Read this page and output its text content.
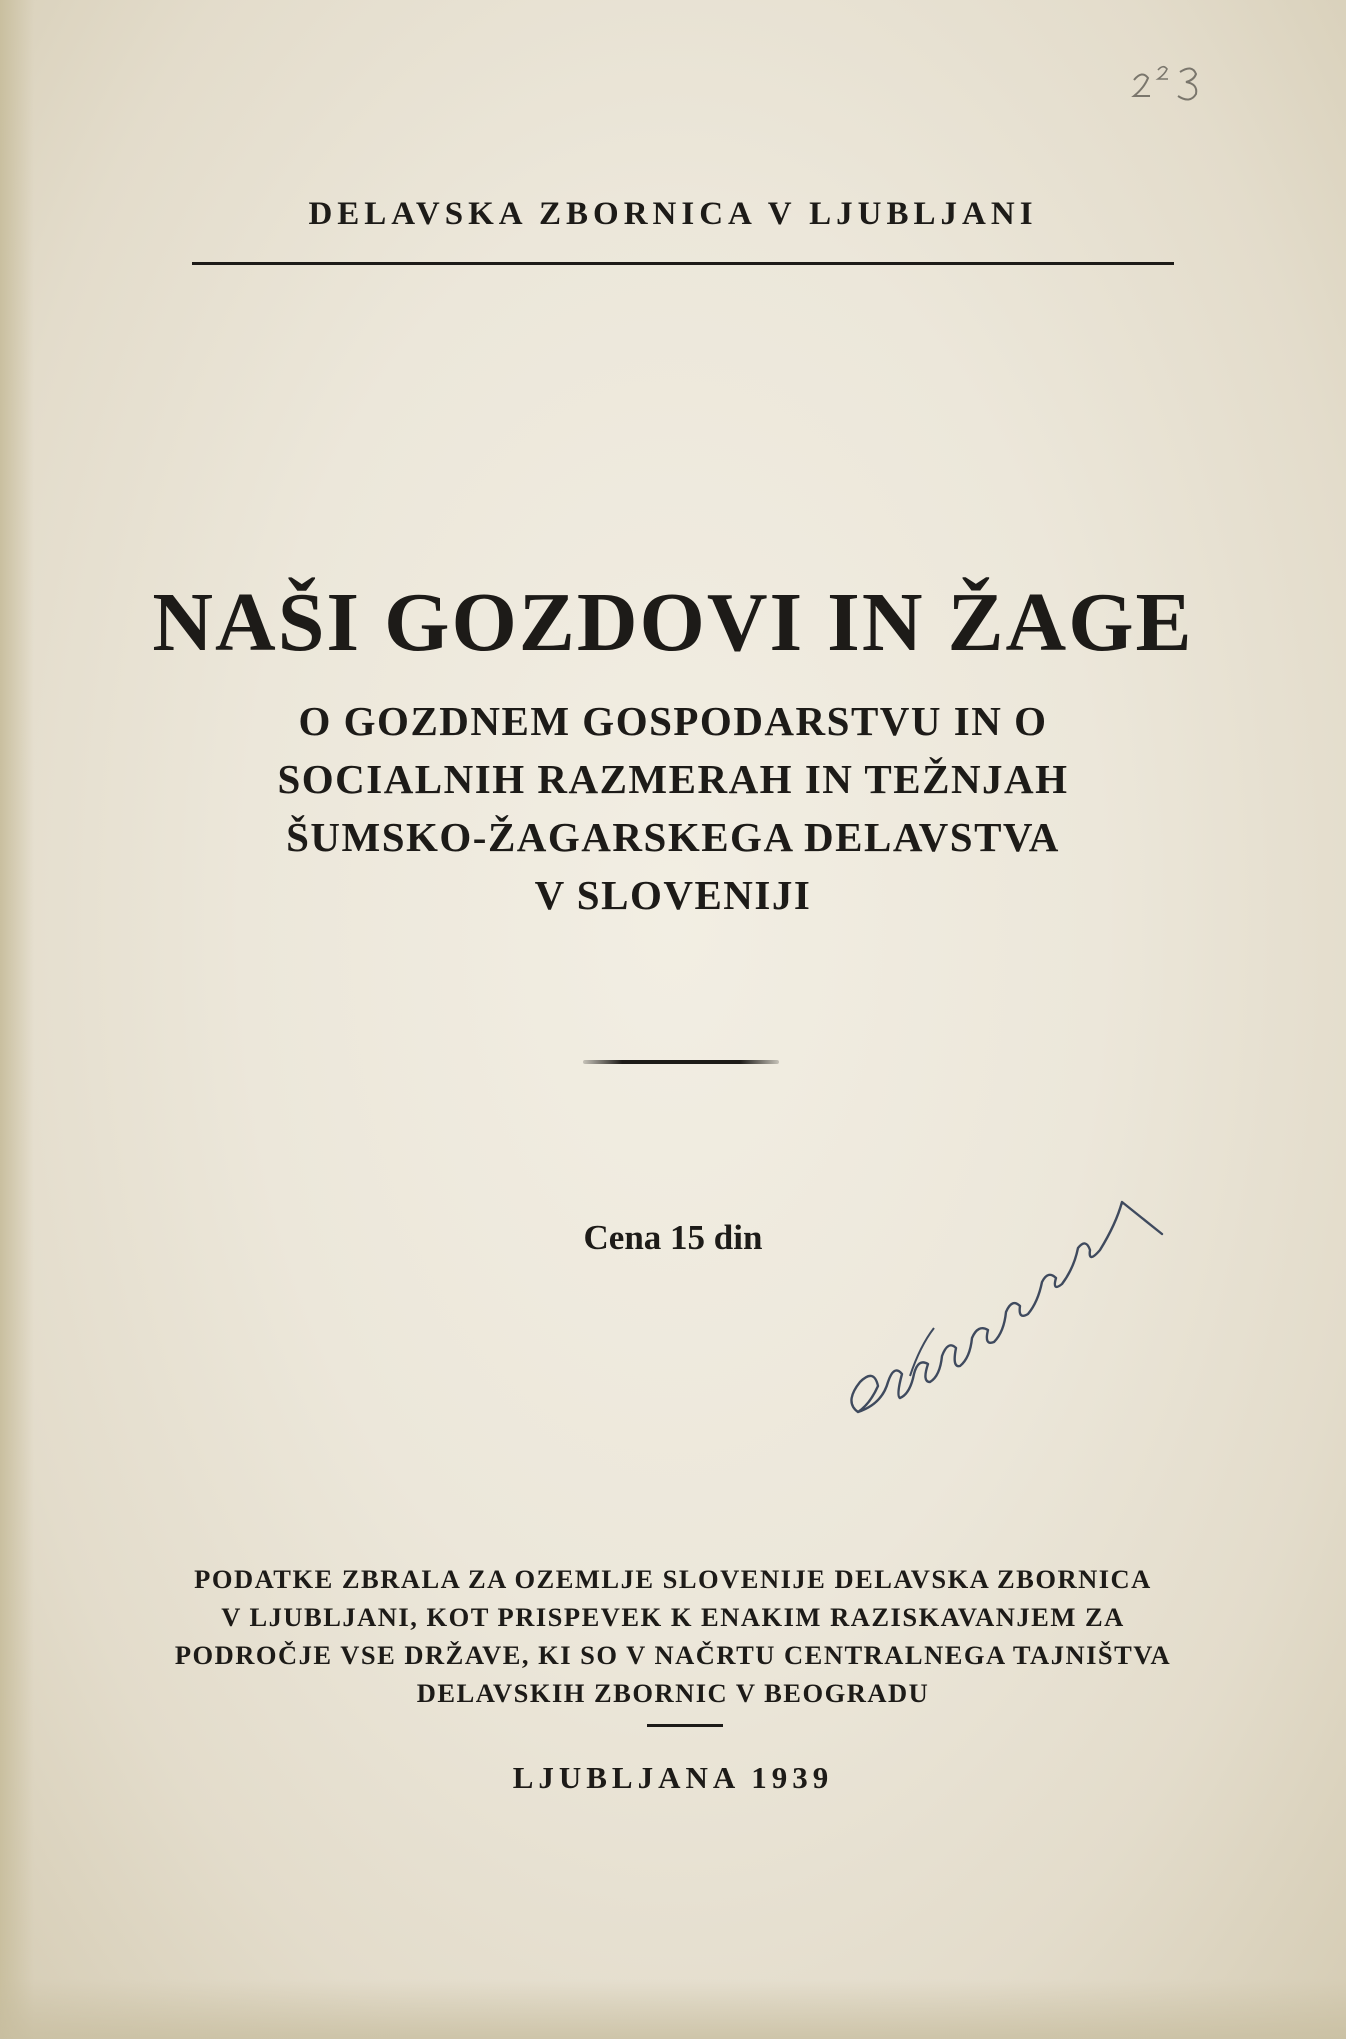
DELAVSKA ZBORNICA V LJUBLJANI
NAŠI GOZDOVI IN ŽAGE
O GOZDNEM GOSPODARSTVU IN O
SOCIALNIH RAZMERAH IN TEŽNJAH
ŠUMSKO-ŽAGARSKEGA DELAVSTVA
V SLOVENIJI
Cena 15 din
PODATKE ZBRALA ZA OZEMLJE SLOVENIJE DELAVSKA ZBORNICA
V LJUBLJANI, KOT PRISPEVEK K ENAKIM RAZISKAVANJEM ZA
PODROČJE VSE DRŽAVE, KI SO V NAČRTU CENTRALNEGA TAJNIŠTVA
DELAVSKIH ZBORNIC V BEOGRADU
LJUBLJANA 1939
